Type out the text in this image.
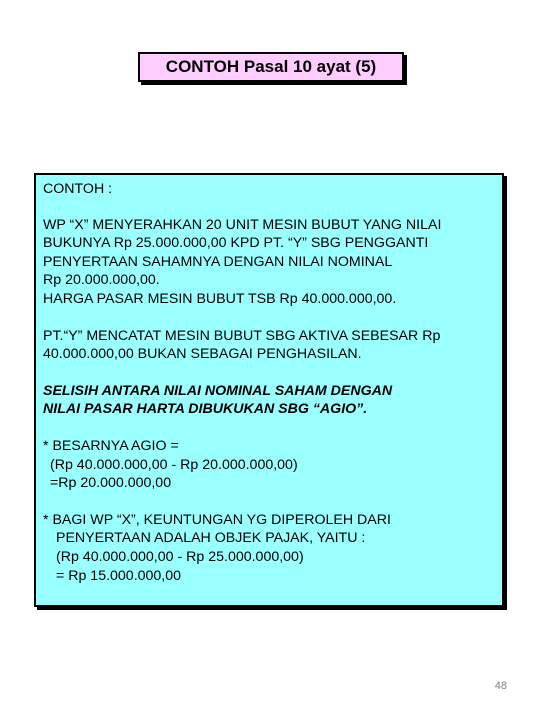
CONTOH Pasal 10 ayat (5)
CONTOH :
WP “X” MENYERAHKAN 20 UNIT MESIN BUBUT YANG NILAI
BUKUNYA Rp 25.000.000,00 KPD PT. “Y” SBG PENGGANTI
PENYERTAAN SAHAMNYA DENGAN NILAI NOMINAL
Rp 20.000.000,00.
HARGA PASAR MESIN BUBUT TSB Rp 40.000.000,00.
PT.“Y” MENCATAT MESIN BUBUT SBG AKTIVA SEBESAR Rp
40.000.000,00 BUKAN SEBAGAI PENGHASILAN.
SELISIH ANTARA NILAI NOMINAL SAHAM DENGAN
NILAI PASAR HARTA DIBUKUKAN SBG “AGIO”.
* BESARNYA AGIO =
(Rp 40.000.000,00 - Rp 20.000.000,00)
=Rp 20.000.000,00
* BAGI WP “X”, KEUNTUNGAN YG DIPEROLEH DARI
PENYERTAAN ADALAH OBJEK PAJAK, YAITU :
(Rp 40.000.000,00 - Rp 25.000.000,00)
= Rp 15.000.000,00
48
